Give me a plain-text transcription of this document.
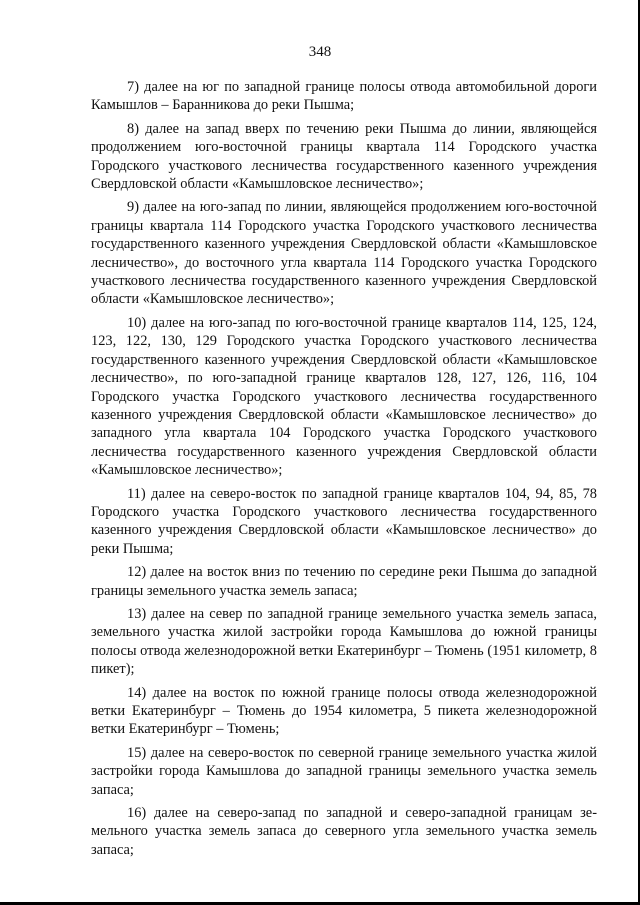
348

7) далее на юг по западной границе полосы отвода автомобильной дороги Камышлов – Баранникова до реки Пышма;

8) далее на запад вверх по течению реки Пышма до линии, являющейся продолжением юго-восточной границы квартала 114 Городского участка Городского участкового лесничества государственного казенного учреждения Свердловской области «Камышловское лесничество»;

9) далее на юго-запад по линии, являющейся продолжением юго-восточной границы квартала 114 Городского участка Городского участкового лесничества государственного казенного учреждения Свердловской области «Камышловское лесничество», до восточного угла квартала 114 Городского участка Городского участкового лесничества государственного казенного учреждения Свердловской области «Камышловское лесничество»;

10) далее на юго-запад по юго-восточной границе кварталов 114, 125, 124, 123, 122, 130, 129 Городского участка Городского участкового лесничества государственного казенного учреждения Свердловской области «Камышловское лесничество», по юго-западной границе кварталов 128, 127, 126, 116, 104 Городского участка Городского участкового лесничества государственного казенного учреждения Свердловской области «Камышловское лесничество» до западного угла квартала 104 Городского участка Городского участкового лесничества государственного казенного учреждения Свердловской области «Камышловское лесничество»;

11) далее на северо-восток по западной границе кварталов 104, 94, 85, 78 Городского участка Городского участкового лесничества государственного казенного учреждения Свердловской области «Камышловское лесничество» до реки Пышма;

12) далее на восток вниз по течению по середине реки Пышма до западной границы земельного участка земель запаса;

13) далее на север по западной границе земельного участка земель запаса, земельного участка жилой застройки города Камышлова до южной границы полосы отвода железнодорожной ветки Екатеринбург – Тюмень (1951 километр, 8 пикет);

14) далее на восток по южной границе полосы отвода железнодорожной ветки Екатеринбург – Тюмень до 1954 километра, 5 пикета железнодорожной ветки Екатеринбург – Тюмень;

15) далее на северо-восток по северной границе земельного участка жилой застройки города Камышлова до западной границы земельного участка земель запаса;

16) далее на северо-запад по западной и северо-западной границам земельного участка земель запаса до северного угла земельного участка земель запаса;
